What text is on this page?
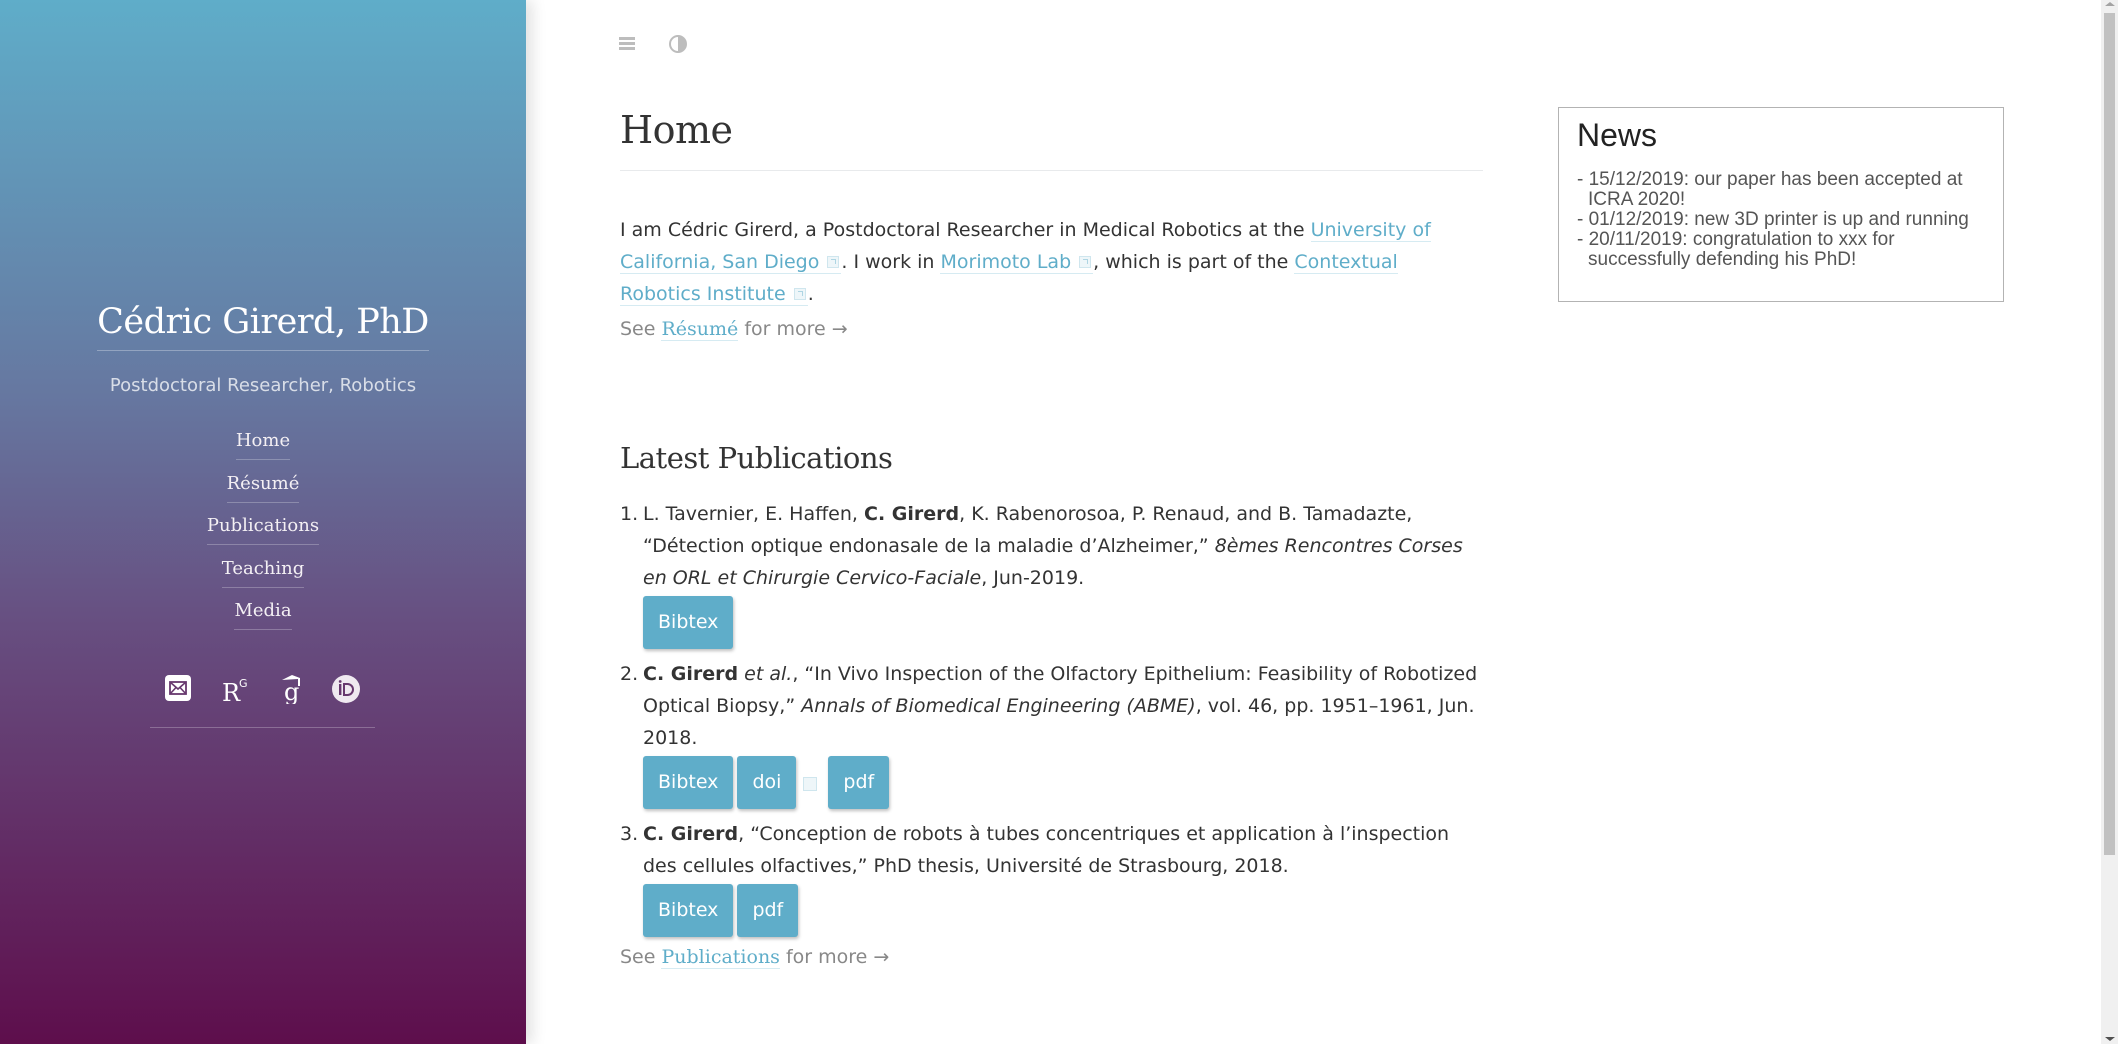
Cédric Girerd, PhD
Postdoctoral Researcher, Robotics
Home
Résumé
Publications
Teaching
Media
R
G g
Home
I am Cédric Girerd, a Postdoctoral Researcher in Medical Robotics at the University of California, San Diego . I work in Morimoto Lab , which is part of the Contextual Robotics Institute .
See Résumé for more →
Latest Publications
1. L. Tavernier, E. Haffen, C. Girerd, K. Rabenorosoa, P. Renaud, and B. Tamadazte, “Détection optique endonasale de la maladie d’Alzheimer,” 8èmes Rencontres Corses en ORL et Chirurgie Cervico-Faciale, Jun-2019.
Bibtex
2. C. Girerd et al., “In Vivo Inspection of the Olfactory Epithelium: Feasibility of Robotized Optical Biopsy,” Annals of Biomedical Engineering (ABME), vol. 46, pp. 1951–1961, Jun. 2018.
Bibtex	doi	pdf
3. C. Girerd, “Conception de robots à tubes concentriques et application à l’inspection des cellules olfactives,” PhD thesis, Université de Strasbourg, 2018.
Bibtex	pdf
See Publications for more →
News
- 15/12/2019: our paper has been accepted at ICRA 2020!
- 01/12/2019: new 3D printer is up and running
- 20/11/2019: congratulation to xxx for successfully defending his PhD!
